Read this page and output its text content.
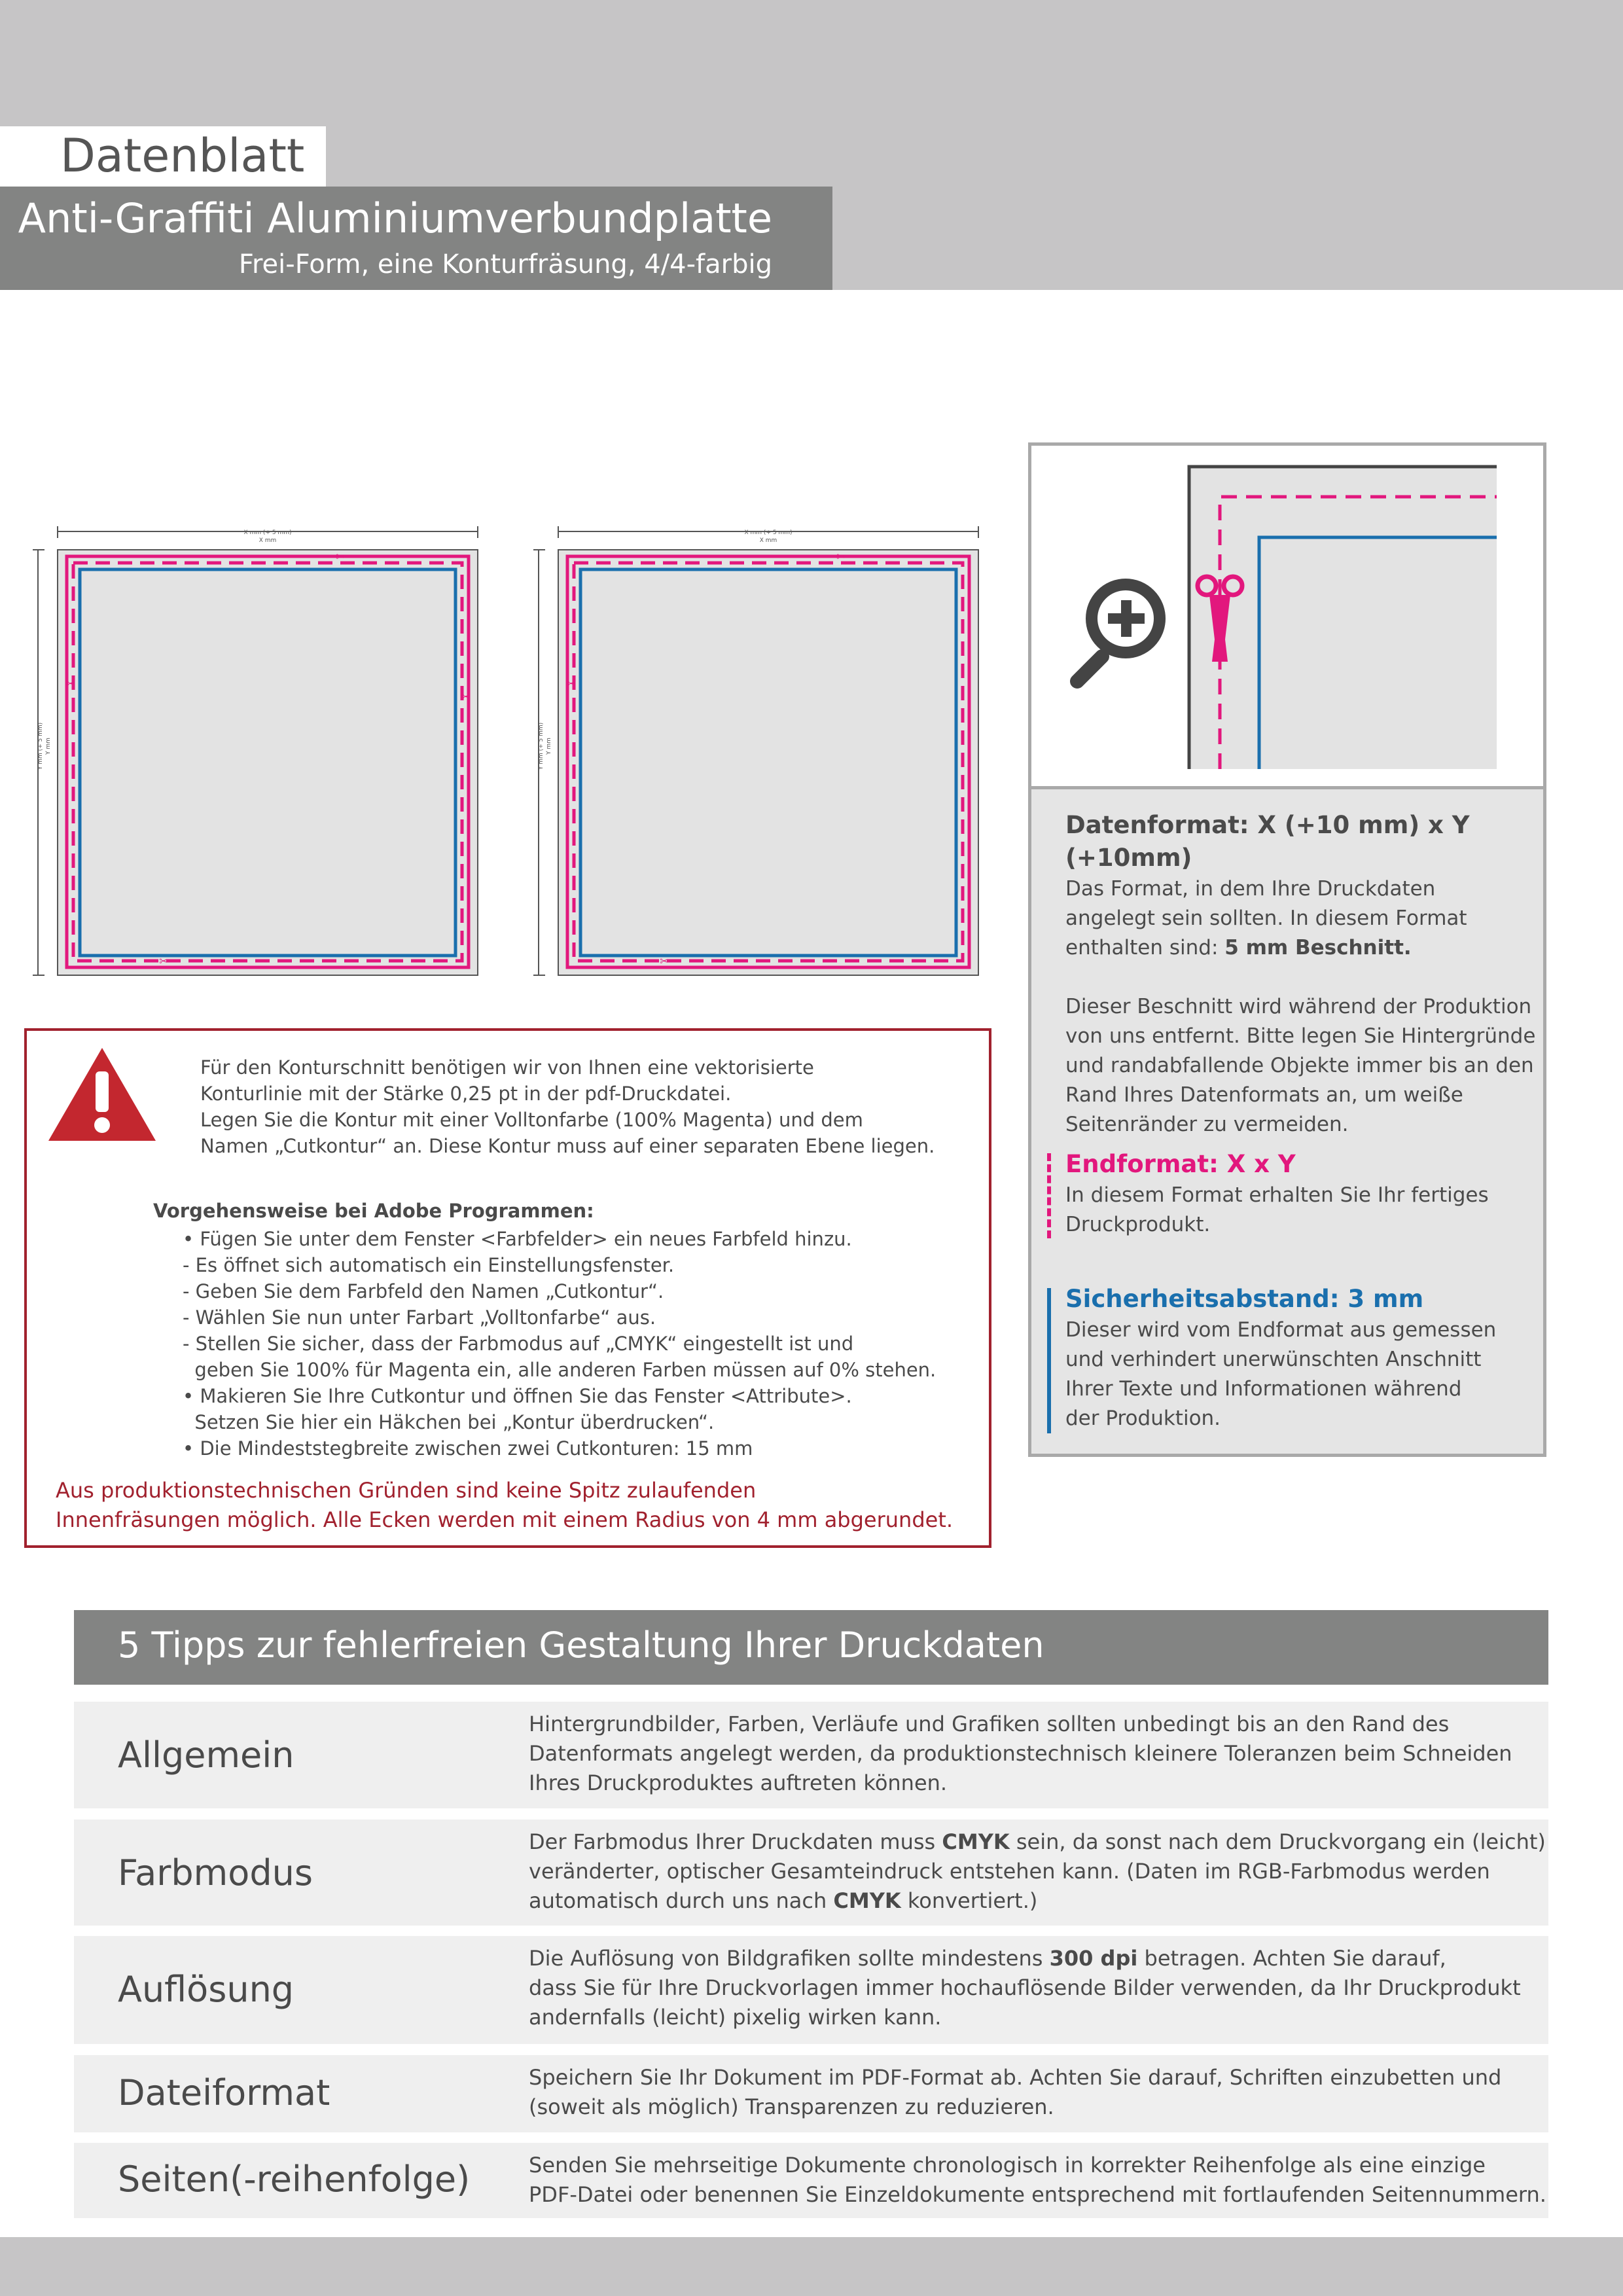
Datenblatt
Anti-Graffiti Aluminiumverbundplatte
Frei-Form, eine Konturfräsung, 4/4-farbig
X mm (+ 5 mm)
X mm
Y mm (+ 5 mm) Y mm
✂
✂
✂
✂
X mm (+ 5 mm)
X mm
Y mm (+ 5 mm) Y mm
✂
✂
✂
Datenformat: X (+10 mm) x Y (+10mm)

Das Format, in dem Ihre Druckdaten

angelegt sein sollten. In diesem Format

enthalten sind: 5 mm Beschnitt.

Dieser Beschnitt wird während der Produktion

von uns entfernt. Bitte legen Sie Hintergründe

und randabfallende Objekte immer bis an den

Rand Ihres Datenformats an, um weiße

Seitenränder zu vermeiden.

Endformat: X x Y

In diesem Format erhalten Sie Ihr fertiges

Druckprodukt.

Sicherheitsabstand: 3 mm

Dieser wird vom Endformat aus gemessen

und verhindert unerwünschten Anschnitt

Ihrer Texte und Informationen während

der Produktion.

Für den Konturschnitt benötigen wir von Ihnen eine vektorisierte
Konturlinie mit der Stärke 0,25 pt in der pdf-Druckdatei.
Legen Sie die Kontur mit einer Volltonfarbe (100% Magenta) und dem
Namen „Cutkontur“ an. Diese Kontur muss auf einer separaten Ebene liegen.
Vorgehensweise bei Adobe Programmen:
• Fügen Sie unter dem Fenster <Farbfelder> ein neues Farbfeld hinzu.
- Es öffnet sich automatisch ein Einstellungsfenster.
- Geben Sie dem Farbfeld den Namen „Cutkontur“.
- Wählen Sie nun unter Farbart „Volltonfarbe“ aus.
- Stellen Sie sicher, dass der Farbmodus auf „CMYK“ eingestellt ist und
geben Sie 100% für Magenta ein, alle anderen Farben müssen auf 0% stehen.
• Makieren Sie Ihre Cutkontur und öffnen Sie das Fenster <Attribute>.
Setzen Sie hier ein Häkchen bei „Kontur überdrucken“.
• Die Mindeststegbreite zwischen zwei Cutkonturen: 15 mm
Aus produktionstechnischen Gründen sind keine Spitz zulaufenden
Innenfräsungen möglich. Alle Ecken werden mit einem Radius von 4 mm abgerundet.
5 Tipps zur fehlerfreien Gestaltung Ihrer Druckdaten
Allgemein
Hintergrundbilder, Farben, Verläufe und Grafiken sollten unbedingt bis an den Rand des
Datenformats angelegt werden, da produktionstechnisch kleinere Toleranzen beim Schneiden
Ihres Druckproduktes auftreten können.
Farbmodus
Der Farbmodus Ihrer Druckdaten muss CMYK sein, da sonst nach dem Druckvorgang ein (leicht)
veränderter, optischer Gesamteindruck entstehen kann. (Daten im RGB-Farbmodus werden
automatisch durch uns nach CMYK konvertiert.)
Auflösung
Die Auflösung von Bildgrafiken sollte mindestens 300 dpi betragen. Achten Sie darauf,
dass Sie für Ihre Druckvorlagen immer hochauflösende Bilder verwenden, da Ihr Druckprodukt
andernfalls (leicht) pixelig wirken kann.
Dateiformat	Speichern Sie Ihr Dokument im PDF-Format ab. Achten Sie darauf, Schriften einzubetten und
(soweit als möglich) Transparenzen zu reduzieren.
Seiten(-reihenfolge)	Senden Sie mehrseitige Dokumente chronologisch in korrekter Reihenfolge als eine einzige
PDF-Datei oder benennen Sie Einzeldokumente entsprechend mit fortlaufenden Seitennummern.
